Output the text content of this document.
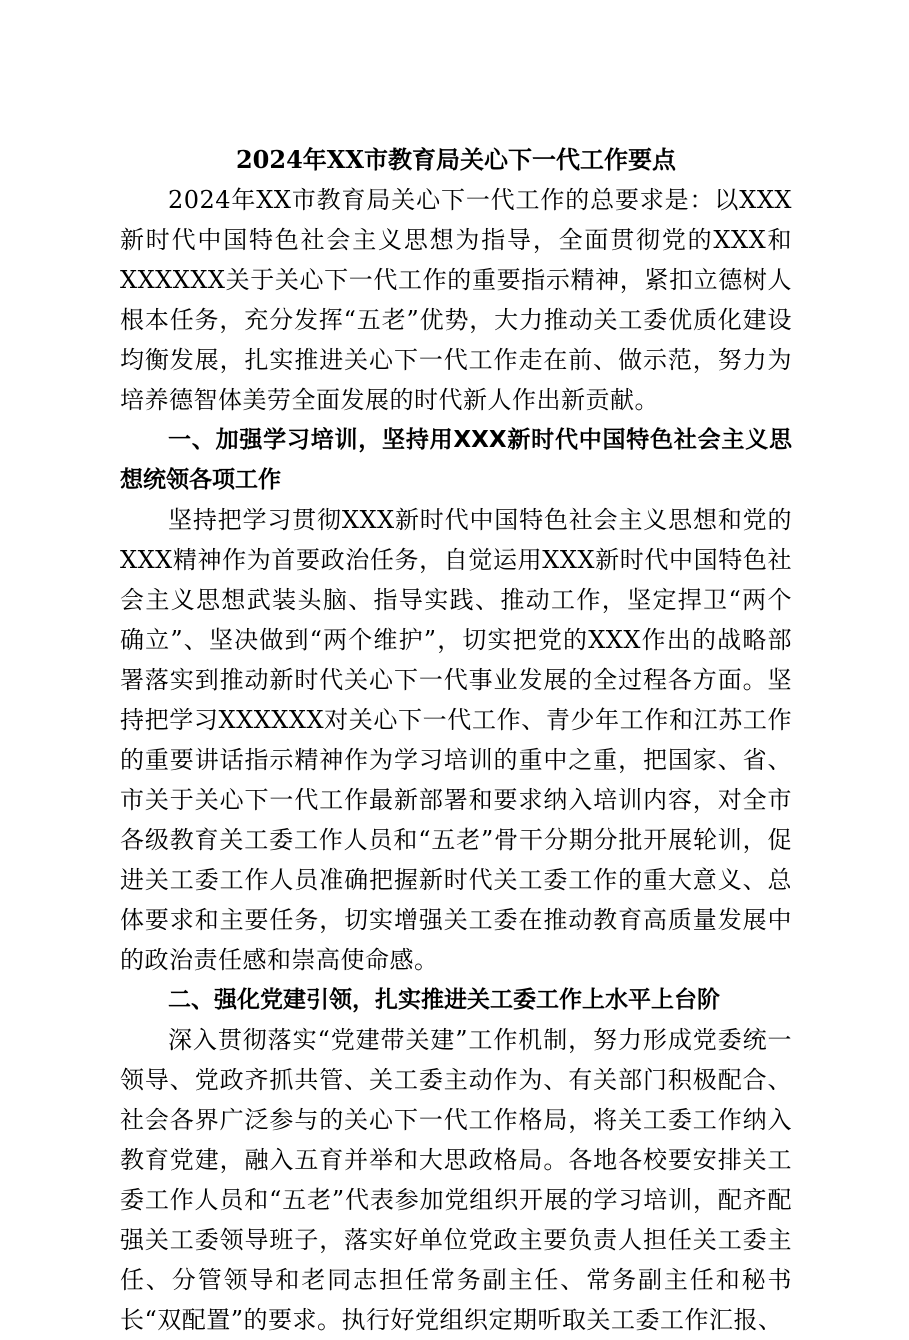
2024年XX市教育局关心下一代工作要点

2024年XX市教育局关心下一代工作的总要求是：以XXX新时代中国特色社会主义思想为指导，全面贯彻党的XXX和XXXXXX关于关心下一代工作的重要指示精神，紧扣立德树人根本任务，充分发挥“五老”优势，大力推动关工委优质化建设均衡发展，扎实推进关心下一代工作走在前、做示范，努力为培养德智体美劳全面发展的时代新人作出新贡献。

一、加强学习培训，坚持用XXX新时代中国特色社会主义思想统领各项工作

坚持把学习贯彻XXX新时代中国特色社会主义思想和党的XXX精神作为首要政治任务，自觉运用XXX新时代中国特色社会主义思想武装头脑、指导实践、推动工作，坚定捍卫“两个确立”、坚决做到“两个维护”，切实把党的XXX作出的战略部署落实到推动新时代关心下一代事业发展的全过程各方面。坚持把学习XXXXXX对关心下一代工作、青少年工作和江苏工作的重要讲话指示精神作为学习培训的重中之重，把国家、省、市关于关心下一代工作最新部署和要求纳入培训内容，对全市各级教育关工委工作人员和“五老”骨干分期分批开展轮训，促进关工委工作人员准确把握新时代关工委工作的重大意义、总体要求和主要任务，切实增强关工委在推动教育高质量发展中的政治责任感和崇高使命感。

二、强化党建引领，扎实推进关工委工作上水平上台阶

深入贯彻落实“党建带关建”工作机制，努力形成党委统一领导、党政齐抓共管、关工委主动作为、有关部门积极配合、社会各界广泛参与的关心下一代工作格局，将关工委工作纳入教育党建，融入五育并举和大思政格局。各地各校要安排关工委工作人员和“五老”代表参加党组织开展的学习培训，配齐配强关工委领导班子，落实好单位党政主要负责人担任关工委主任、分管领导和老同志担任常务副主任、常务副主任和秘书长“双配置”的要求。执行好党组织定期听取关工委工作汇报、
